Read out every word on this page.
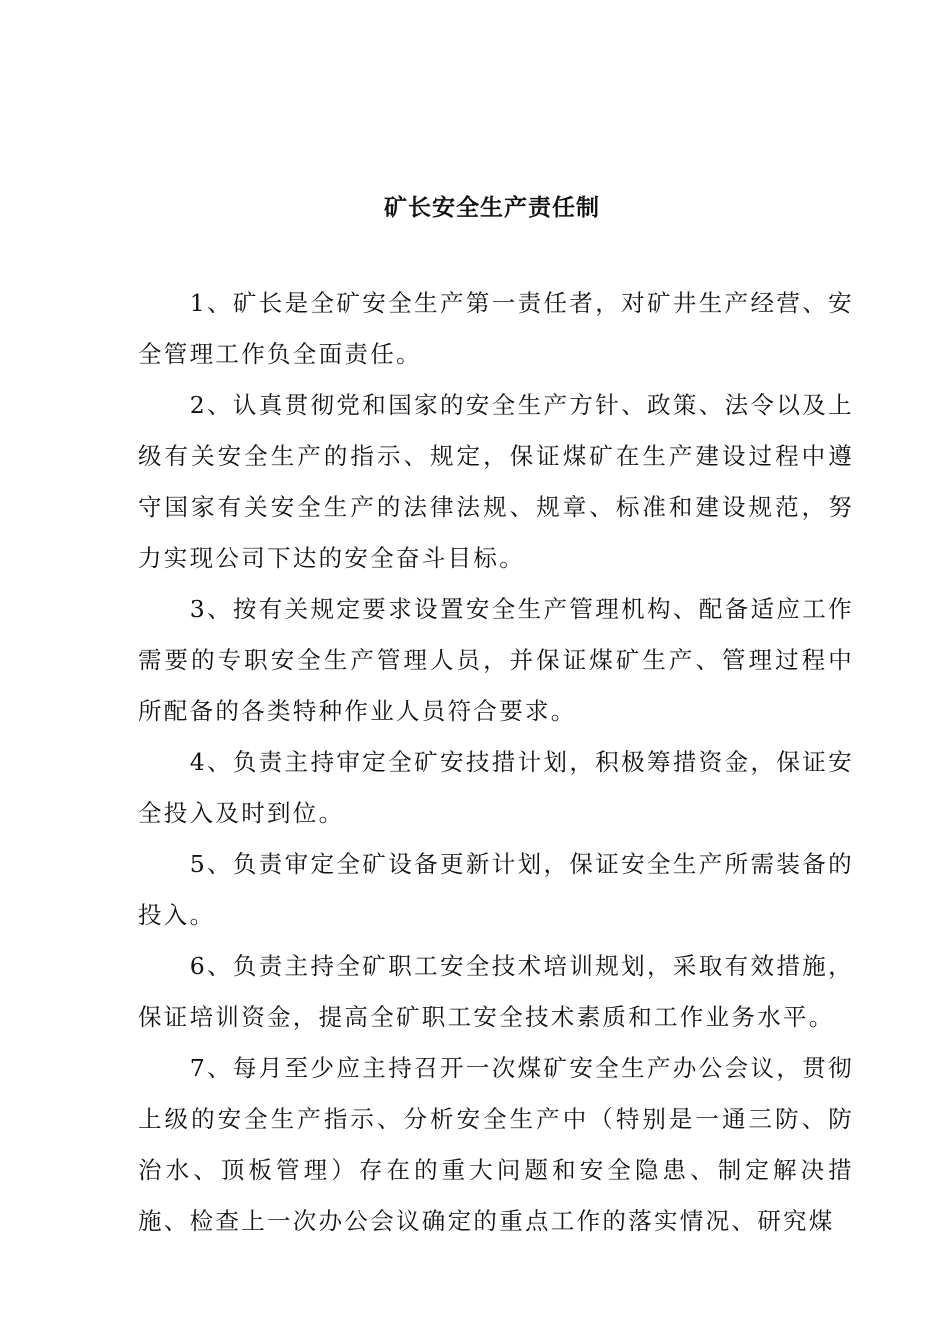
矿长安全生产责任制

1、矿长是全矿安全生产第一责任者，对矿井生产经营、安全管理工作负全面责任。

2、认真贯彻党和国家的安全生产方针、政策、法令以及上级有关安全生产的指示、规定，保证煤矿在生产建设过程中遵守国家有关安全生产的法律法规、规章、标准和建设规范，努力实现公司下达的安全奋斗目标。

3、按有关规定要求设置安全生产管理机构、配备适应工作需要的专职安全生产管理人员，并保证煤矿生产、管理过程中所配备的各类特种作业人员符合要求。

4、负责主持审定全矿安技措计划，积极筹措资金，保证安全投入及时到位。

5、负责审定全矿设备更新计划，保证安全生产所需装备的投入。

6、负责主持全矿职工安全技术培训规划，采取有效措施，保证培训资金，提高全矿职工安全技术素质和工作业务水平。

7、每月至少应主持召开一次煤矿安全生产办公会议，贯彻上级的安全生产指示、分析安全生产中（特别是一通三防、防治水、顶板管理）存在的重大问题和安全隐患、制定解决措施、检查上一次办公会议确定的重点工作的落实情况、研究煤
